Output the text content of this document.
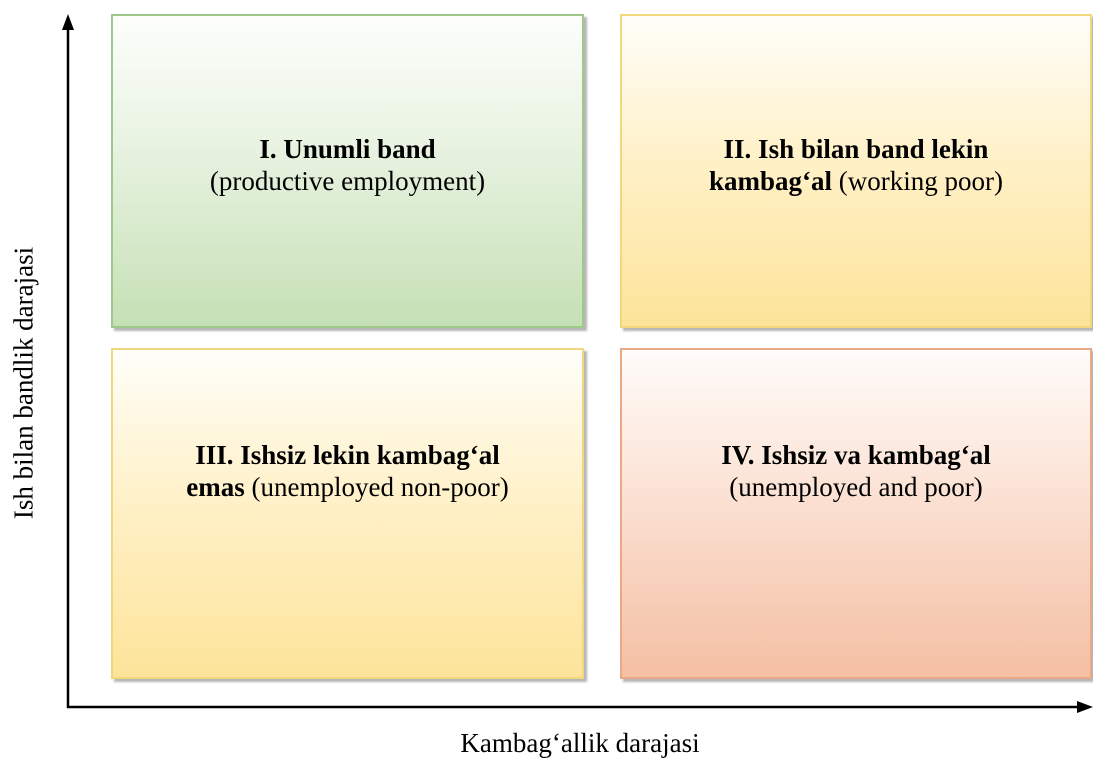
I. Unumli band
(productive employment)
II. Ish bilan band lekin
kambag‘al (working poor)
III. Ishsiz lekin kambag‘al
emas (unemployed non-poor)
IV. Ishsiz va kambag‘al
(unemployed and poor)
Ish bilan bandlik darajasi
Kambag‘allik darajasi
